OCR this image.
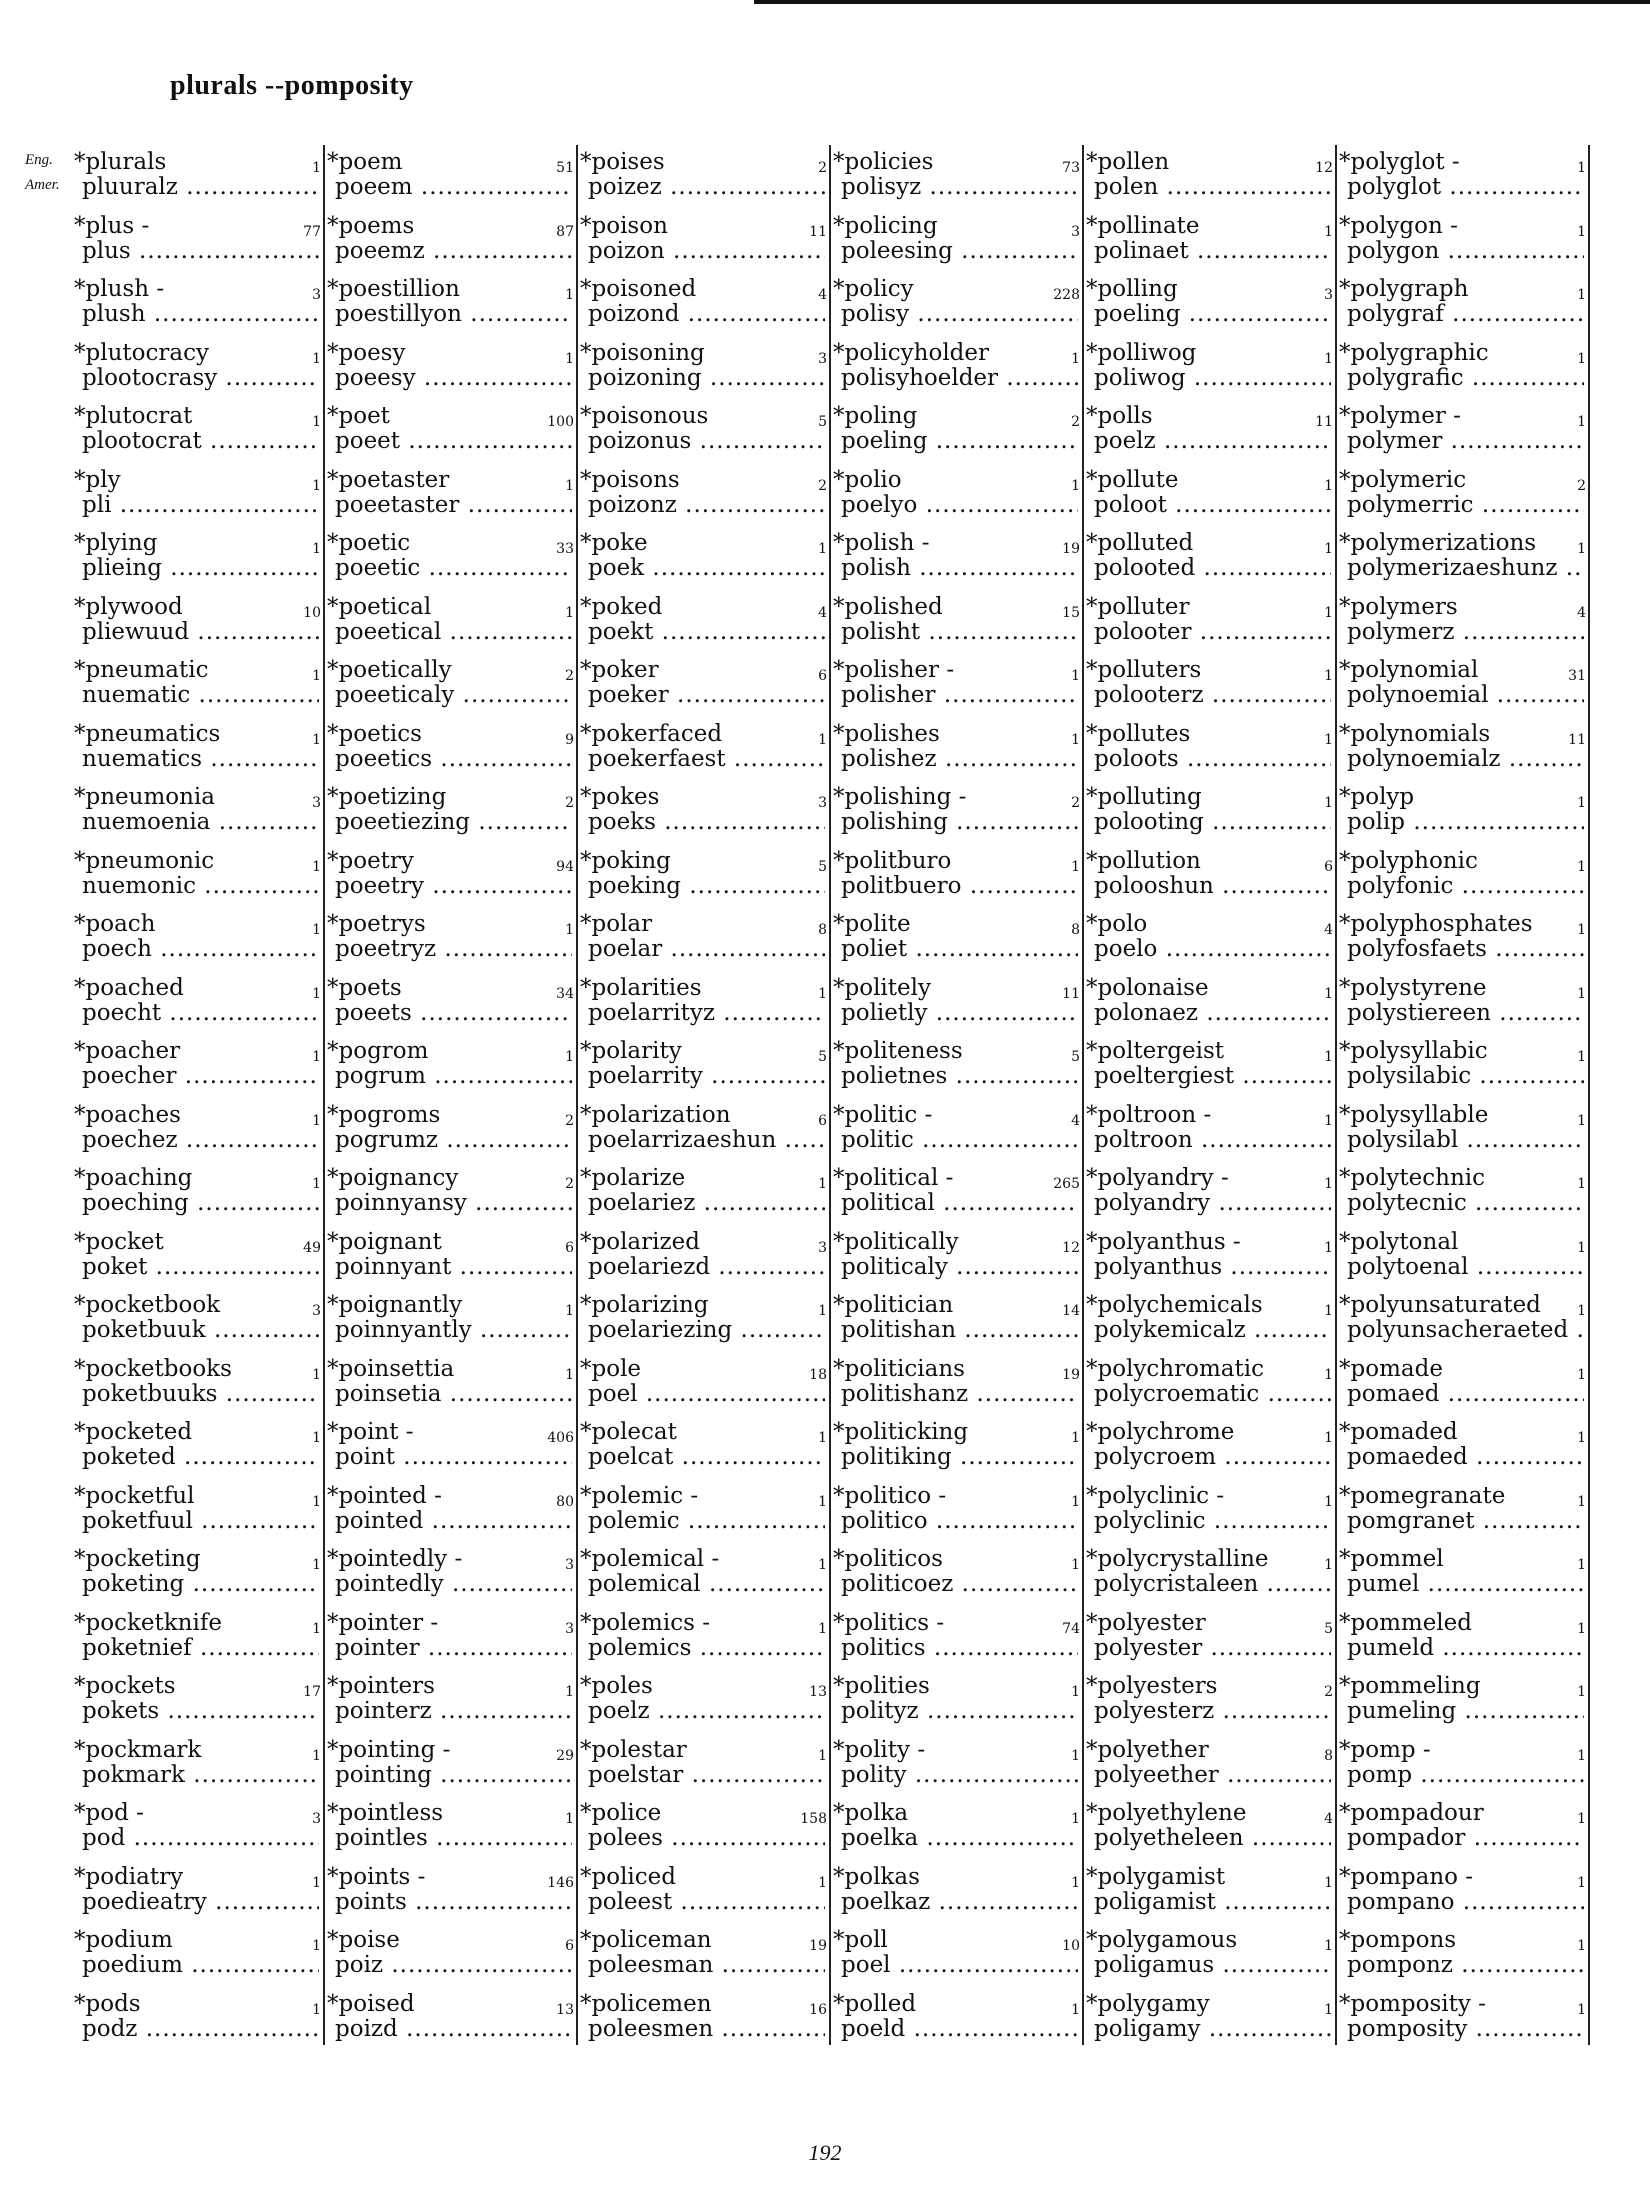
plurals --pomposity
Eng.
Amer.
*plurals	1
pluuralz .....
*plus -	77
plus .....
*plush -	3
plush .....
*plutocracy	1
plootocrasy .....
*plutocrat	1
plootocrat .....
*ply	1
pli .....
*plying	1
plieing .....
*plywood	10
pliewuud .....
*pneumatic	1
nuematic .....
*pneumatics	1
nuematics .....
*pneumonia	3
nuemoenia .....
*pneumonic	1
nuemonic .....
*poach	1
poech .....
*poached	1
poecht .....
*poacher	1
poecher .....
*poaches	1
poechez .....
*poaching	1
poeching .....
*pocket	49
poket .....
*pocketbook	3
poketbuuk .....
*pocketbooks	1
poketbuuks .....
*pocketed	1
poketed .....
*pocketful	1
poketfuul .....
*pocketing	1
poketing .....
*pocketknife	1
poketnief .....
*pockets	17
pokets .....
*pockmark	1
pokmark .....
*pod -	3
pod .....
*podiatry	1
poedieatry .....
*podium	1
poedium .....
*pods	1
podz .....
*poem	51
poeem .....
*poems	87
poeemz .....
*poestillion	1
poestillyon .....
*poesy	1
poeesy .....
*poet	100
poeet .....
*poetaster	1
poeetaster .....
*poetic	33
poeetic .....
*poetical	1
poeetical .....
*poetically	2
poeeticaly .....
*poetics	9
poeetics .....
*poetizing	2
poeetiezing .....
*poetry	94
poeetry .....
*poetrys	1
poeetryz .....
*poets	34
poeets .....
*pogrom	1
pogrum .....
*pogroms	2
pogrumz .....
*poignancy	2
poinnyansy .....
*poignant	6
poinnyant .....
*poignantly	1
poinnyantly .....
*poinsettia	1
poinsetia .....
*point -	406
point .....
*pointed -	80
pointed .....
*pointedly -	3
pointedly .....
*pointer -	3
pointer .....
*pointers	1
pointerz .....
*pointing -	29
pointing .....
*pointless	1
pointles .....
*points -	146
points .....
*poise	6
poiz .....
*poised	13
poizd .....
*poises	2
poizez .....
*poison	11
poizon .....
*poisoned	4
poizond .....
*poisoning	3
poizoning .....
*poisonous	5
poizonus .....
*poisons	2
poizonz .....
*poke	1
poek .....
*poked	4
poekt .....
*poker	6
poeker .....
*pokerfaced	1
poekerfaest .....
*pokes	3
poeks .....
*poking	5
poeking .....
*polar	8
poelar .....
*polarities	1
poelarrityz .....
*polarity	5
poelarrity .....
*polarization	6
poelarrizaeshun .....
*polarize	1
poelariez .....
*polarized	3
poelariezd .....
*polarizing	1
poelariezing .....
*pole	18
poel .....
*polecat	1
poelcat .....
*polemic -	1
polemic .....
*polemical -	1
polemical .....
*polemics -	1
polemics .....
*poles	13
poelz .....
*polestar	1
poelstar .....
*police	158
polees .....
*policed	1
poleest .....
*policeman	19
poleesman .....
*policemen	16
poleesmen .....
*policies	73
polisyz .....
*policing	3
poleesing .....
*policy	228
polisy .....
*policyholder	1
polisyhoelder .....
*poling	2
poeling .....
*polio	1
poelyo .....
*polish -	19
polish .....
*polished	15
polisht .....
*polisher -	1
polisher .....
*polishes	1
polishez .....
*polishing -	2
polishing .....
*politburo	1
politbuero .....
*polite	8
poliet .....
*politely	11
polietly .....
*politeness	5
polietnes .....
*politic -	4
politic .....
*political -	265
political .....
*politically	12
politicaly .....
*politician	14
politishan .....
*politicians	19
politishanz .....
*politicking	1
politiking .....
*politico -	1
politico .....
*politicos	1
politicoez .....
*politics -	74
politics .....
*polities	1
polityz .....
*polity -	1
polity .....
*polka	1
poelka .....
*polkas	1
poelkaz .....
*poll	10
poel .....
*polled	1
poeld .....
*pollen	12
polen .....
*pollinate	1
polinaet .....
*polling	3
poeling .....
*polliwog	1
poliwog .....
*polls	11
poelz .....
*pollute	1
poloot .....
*polluted	1
polooted .....
*polluter	1
polooter .....
*polluters	1
polooterz .....
*pollutes	1
poloots .....
*polluting	1
polooting .....
*pollution	6
polooshun .....
*polo	4
poelo .....
*polonaise	1
polonaez .....
*poltergeist	1
poeltergiest .....
*poltroon -	1
poltroon .....
*polyandry -	1
polyandry .....
*polyanthus -	1
polyanthus .....
*polychemicals	1
polykemicalz .....
*polychromatic	1
polycroematic .....
*polychrome	1
polycroem .....
*polyclinic -	1
polyclinic .....
*polycrystalline	1
polycristaleen .....
*polyester	5
polyester .....
*polyesters	2
polyesterz .....
*polyether	8
polyeether .....
*polyethylene	4
polyetheleen .....
*polygamist	1
poligamist .....
*polygamous	1
poligamus .....
*polygamy	1
poligamy .....
*polyglot -	1
polyglot .....
*polygon -	1
polygon .....
*polygraph	1
polygraf .....
*polygraphic	1
polygrafic .....
*polymer -	1
polymer .....
*polymeric	2
polymerric .....
*polymerizations	1
polymerizaeshunz .....
*polymers	4
polymerz .....
*polynomial	31
polynoemial .....
*polynomials	11
polynoemialz .....
*polyp	1
polip .....
*polyphonic	1
polyfonic .....
*polyphosphates	1
polyfosfaets .....
*polystyrene	1
polystiereen .....
*polysyllabic	1
polysilabic .....
*polysyllable	1
polysilabl .....
*polytechnic	1
polytecnic .....
*polytonal	1
polytoenal .....
*polyunsaturated	1
polyunsacheraeted .....
*pomade	1
pomaed .....
*pomaded	1
pomaeded .....
*pomegranate	1
pomgranet .....
*pommel	1
pumel .....
*pommeled	1
pumeld .....
*pommeling	1
pumeling .....
*pomp -	1
pomp .....
*pompadour	1
pompador .....
*pompano -	1
pompano .....
*pompons	1
pomponz .....
*pomposity -	1
pomposity .....
192
